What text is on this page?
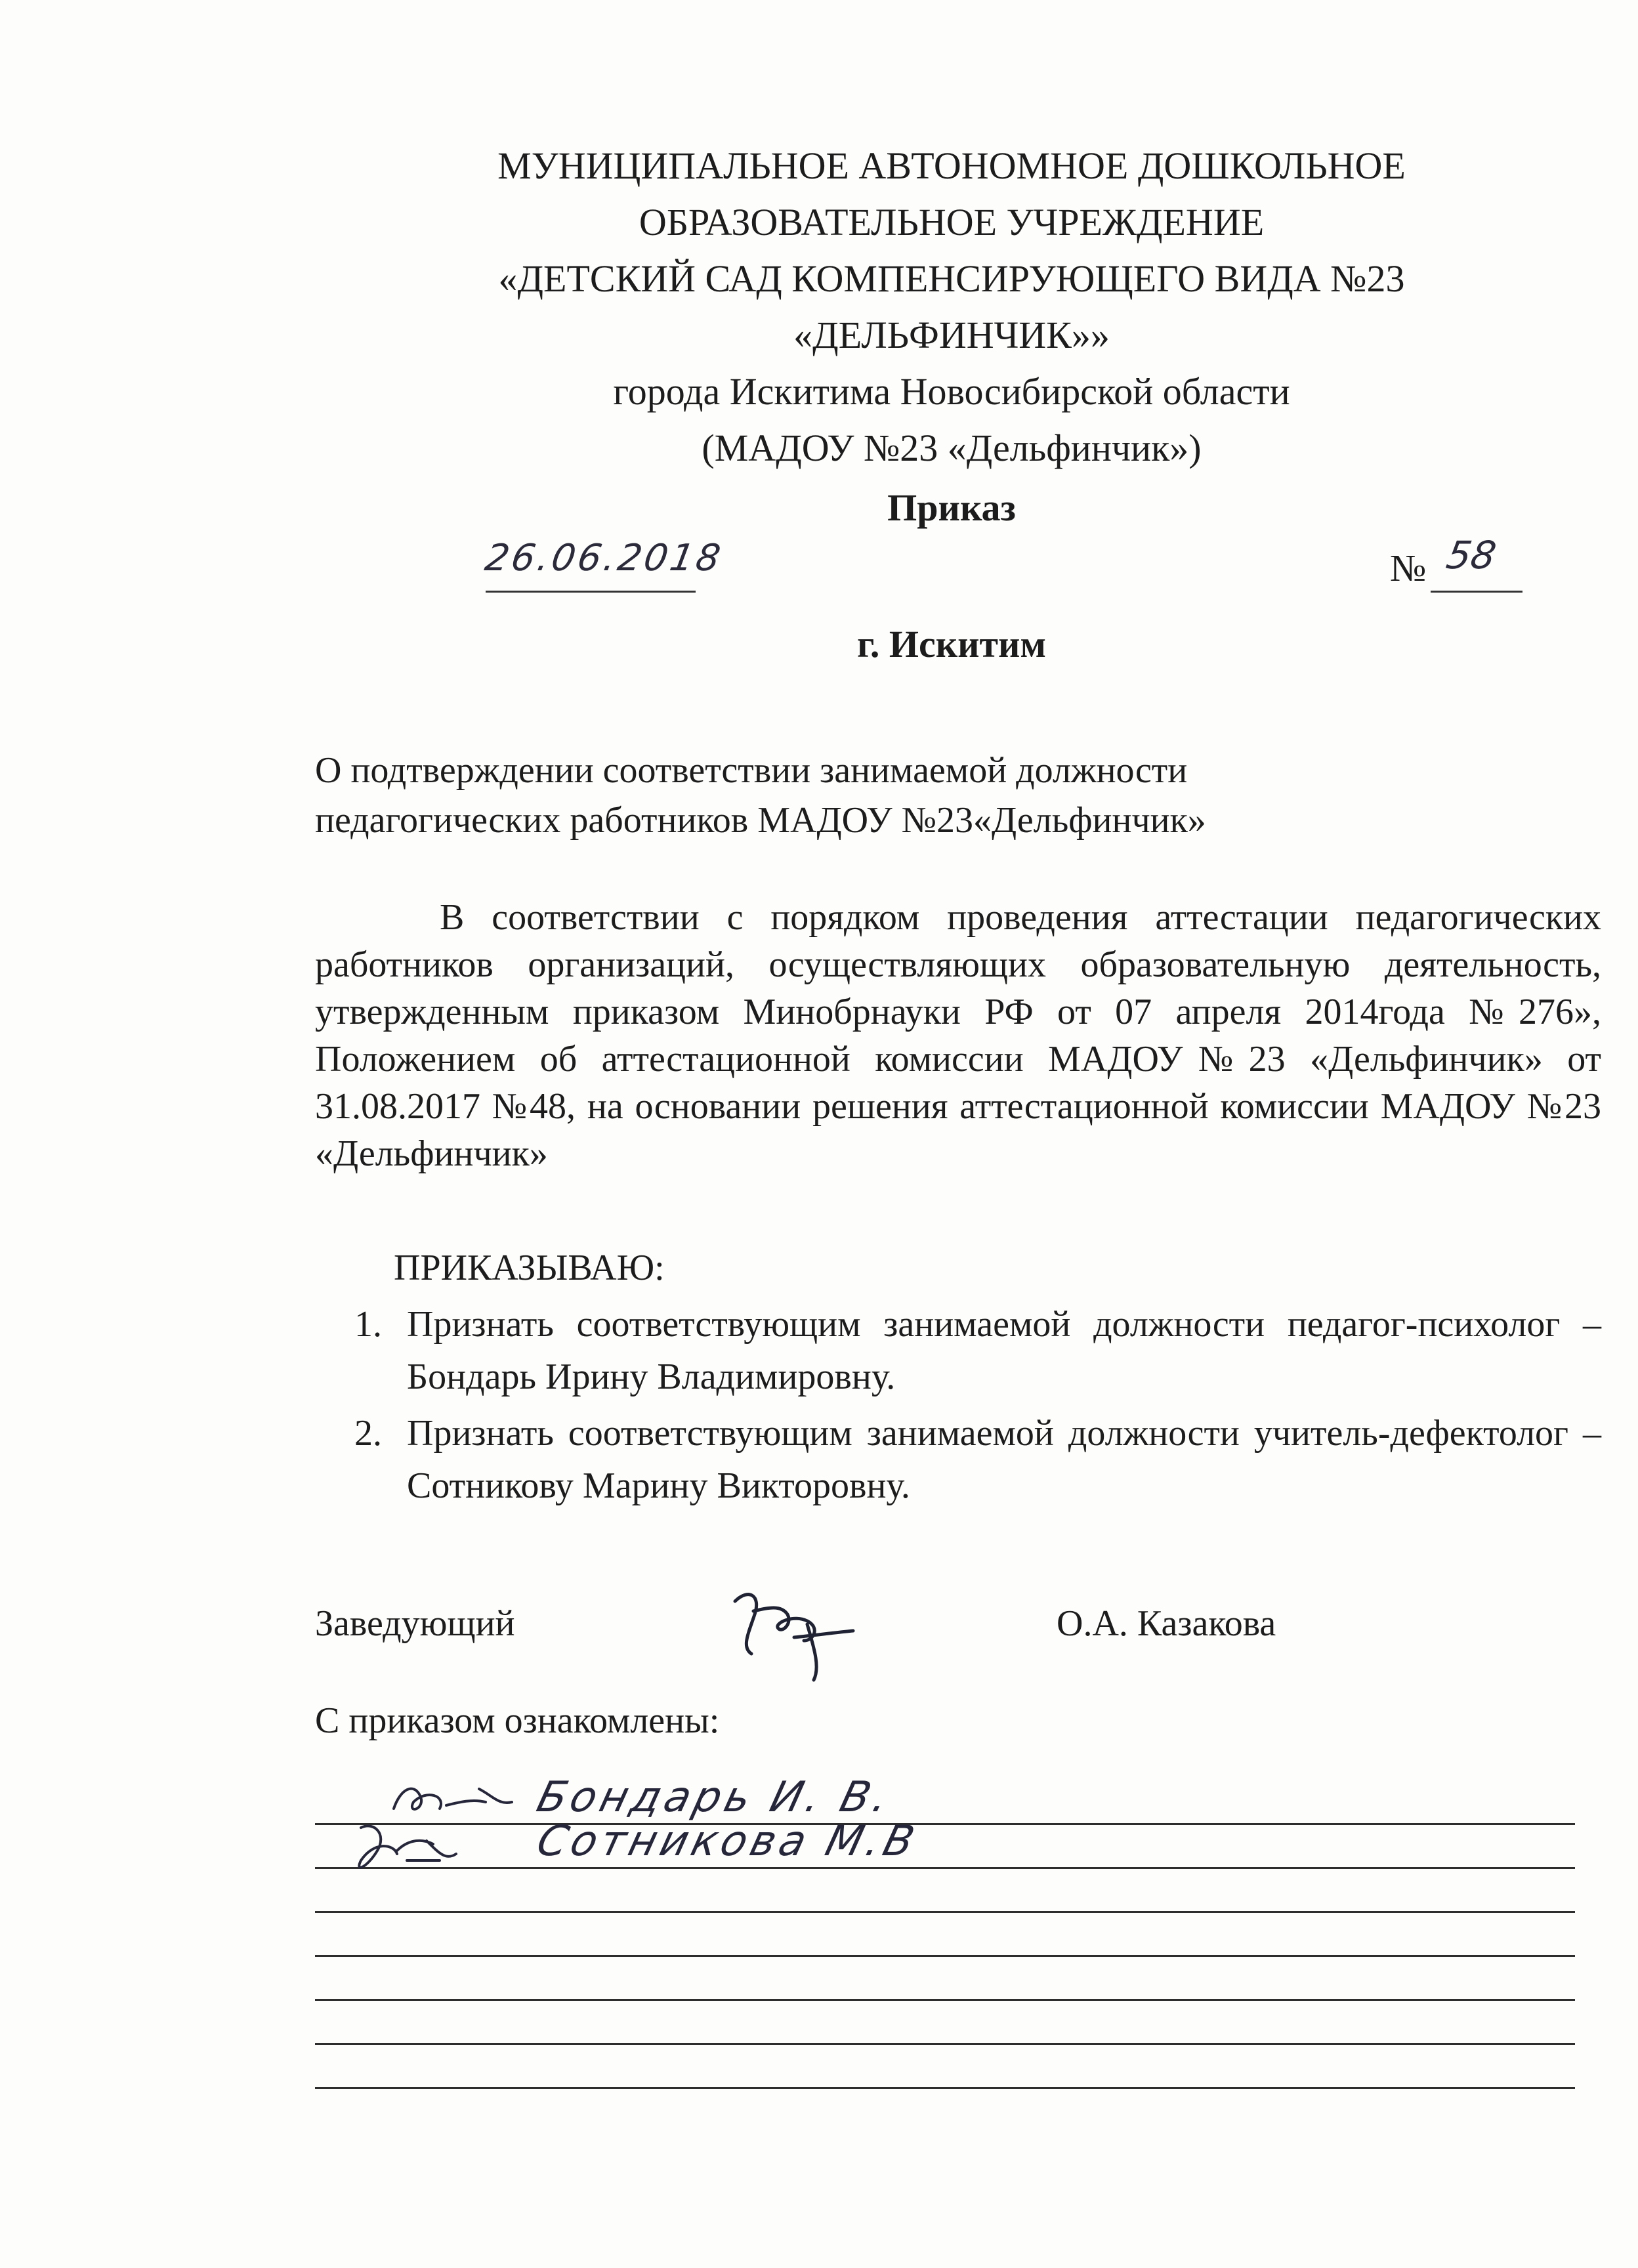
МУНИЦИПАЛЬНОЕ АВТОНОМНОЕ ДОШКОЛЬНОЕ
ОБРАЗОВАТЕЛЬНОЕ УЧРЕЖДЕНИЕ
«ДЕТСКИЙ САД КОМПЕНСИРУЮЩЕГО ВИДА №23
«ДЕЛЬФИНЧИК»»
города Искитима Новосибирской области
(МАДОУ №23 «Дельфинчик»)
Приказ
26.06.2018	№ 58
г. Искитим
О подтверждении соответствии занимаемой должности
педагогических работников МАДОУ №23«Дельфинчик»
В соответствии с порядком проведения аттестации педагогических работников организаций, осуществляющих образовательную деятельность, утвержденным приказом Минобрнауки РФ от 07 апреля 2014года №276», Положением об аттестационной комиссии МАДОУ№23 «Дельфинчик» от 31.08.2017 №48, на основании решения аттестационной комиссии МАДОУ №23 «Дельфинчик»
ПРИКАЗЫВАЮ:
1. Признать соответствующим занимаемой должности педагог-психолог – Бондарь Ирину Владимировну.
2. Признать соответствующим занимаемой должности учитель-дефектолог – Сотникову Марину Викторовну.
Заведующий	О.А. Казакова
С приказом ознакомлены:
Бондарь И. В.
Сотникова М.В
